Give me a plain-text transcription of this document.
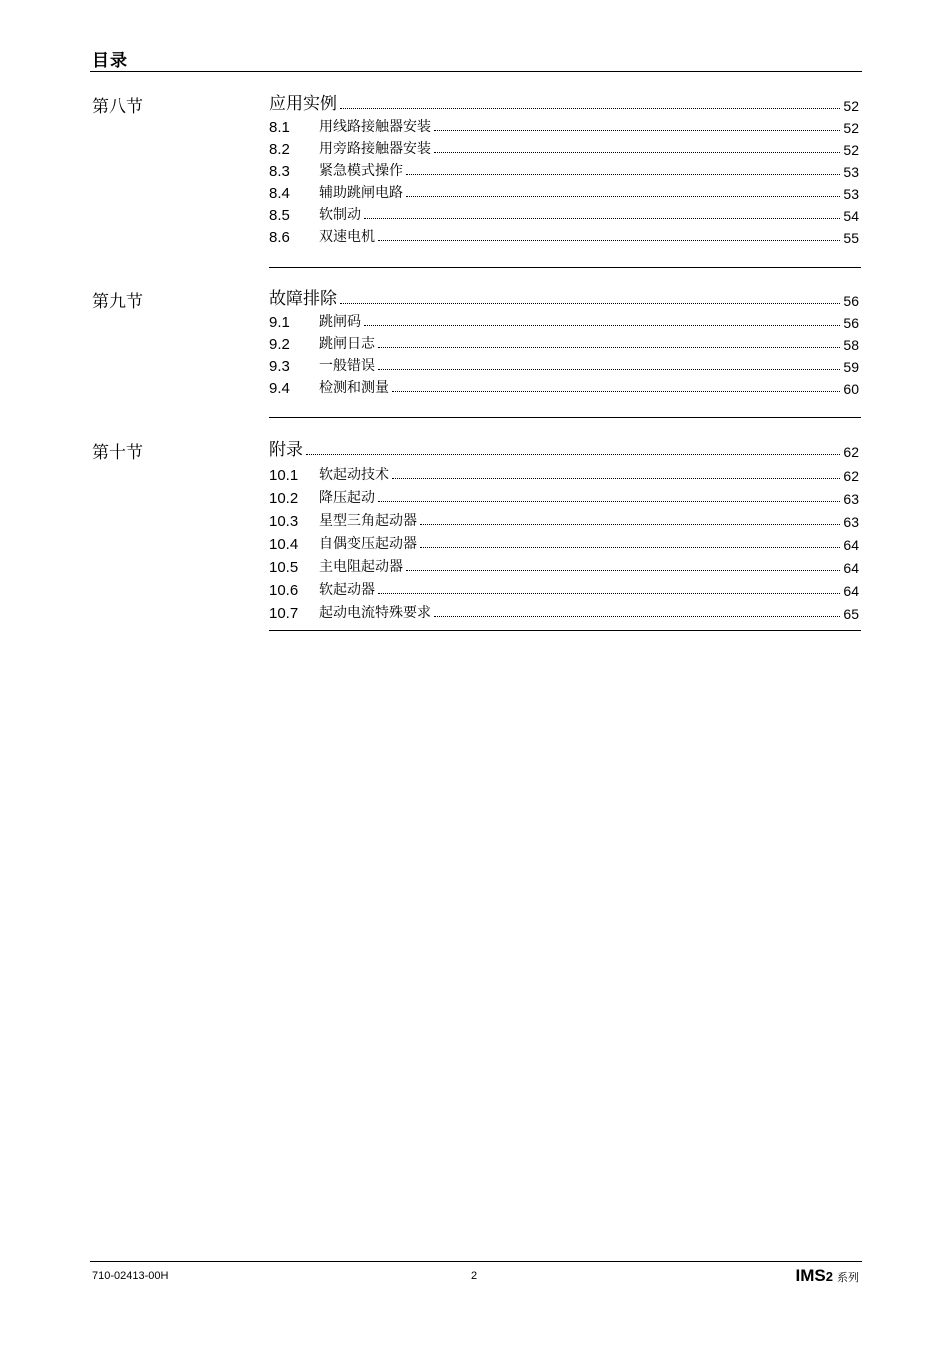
目录
第八节	应用实例	52
8.1	用线路接触器安装	52
8.2	用旁路接触器安装	52
8.3	紧急模式操作	53
8.4	辅助跳闸电路	53
8.5	软制动	54
8.6	双速电机	55
第九节	故障排除	56
9.1	跳闸码	56
9.2	跳闸日志	58
9.3	一般错误	59
9.4	检测和测量	60
第十节	附录	62
10.1	软起动技术	62
10.2	降压起动	63
10.3	星型三角起动器	63
10.4	自偶变压起动器	64
10.5	主电阻起动器	64
10.6	软起动器	64
10.7	起动电流特殊要求	65
710-02413-00H	2	IMS 2 系列
